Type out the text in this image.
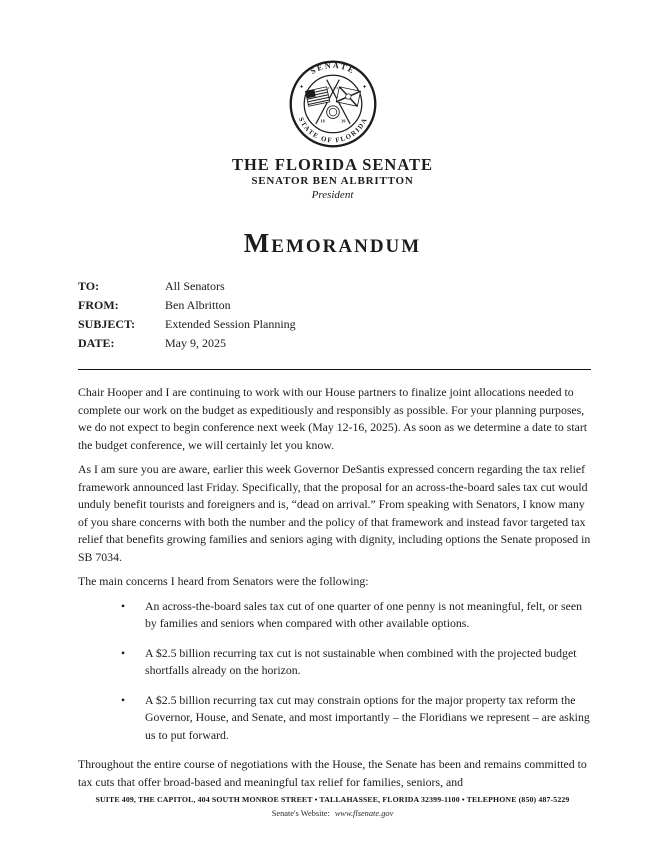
SENATE
STATE OF FLORIDA
✦	✦
✶✶✶✶
18	39
THE FLORIDA SENATE
SENATOR BEN ALBRITTON
President
Memorandum
TO:	All Senators
FROM:	Ben Albritton
SUBJECT:	Extended Session Planning
DATE:	May 9, 2025

Chair Hooper and I are continuing to work with our House partners to finalize joint allocations needed to complete our work on the budget as expeditiously and responsibly as possible. For your planning purposes, we do not expect to begin conference next week (May 12-16, 2025). As soon as we determine a date to start the budget conference, we will certainly let you know.

As I am sure you are aware, earlier this week Governor DeSantis expressed concern regarding the tax relief framework announced last Friday. Specifically, that the proposal for an across-the-board sales tax cut would unduly benefit tourists and foreigners and is, “dead on arrival.” From speaking with Senators, I know many of you share concerns with both the number and the policy of that framework and instead favor targeted tax relief that benefits growing families and seniors aging with dignity, including options the Senate proposed in SB 7034.

The main concerns I heard from Senators were the following:

• An across-the-board sales tax cut of one quarter of one penny is not meaningful, felt, or seen by families and seniors when compared with other available options.
• A $2.5 billion recurring tax cut is not sustainable when combined with the projected budget shortfalls already on the horizon.
• A $2.5 billion recurring tax cut may constrain options for the major property tax reform the Governor, House, and Senate, and most importantly – the Floridians we represent – are asking us to put forward.

Throughout the entire course of negotiations with the House, the Senate has been and remains committed to tax cuts that offer broad-based and meaningful tax relief for families, seniors, and

SUITE 409, THE CAPITOL, 404 SOUTH MONROE STREET • TALLAHASSEE, FLORIDA 32399-1100 • TELEPHONE (850) 487-5229
Senate's Website: www.flsenate.gov
